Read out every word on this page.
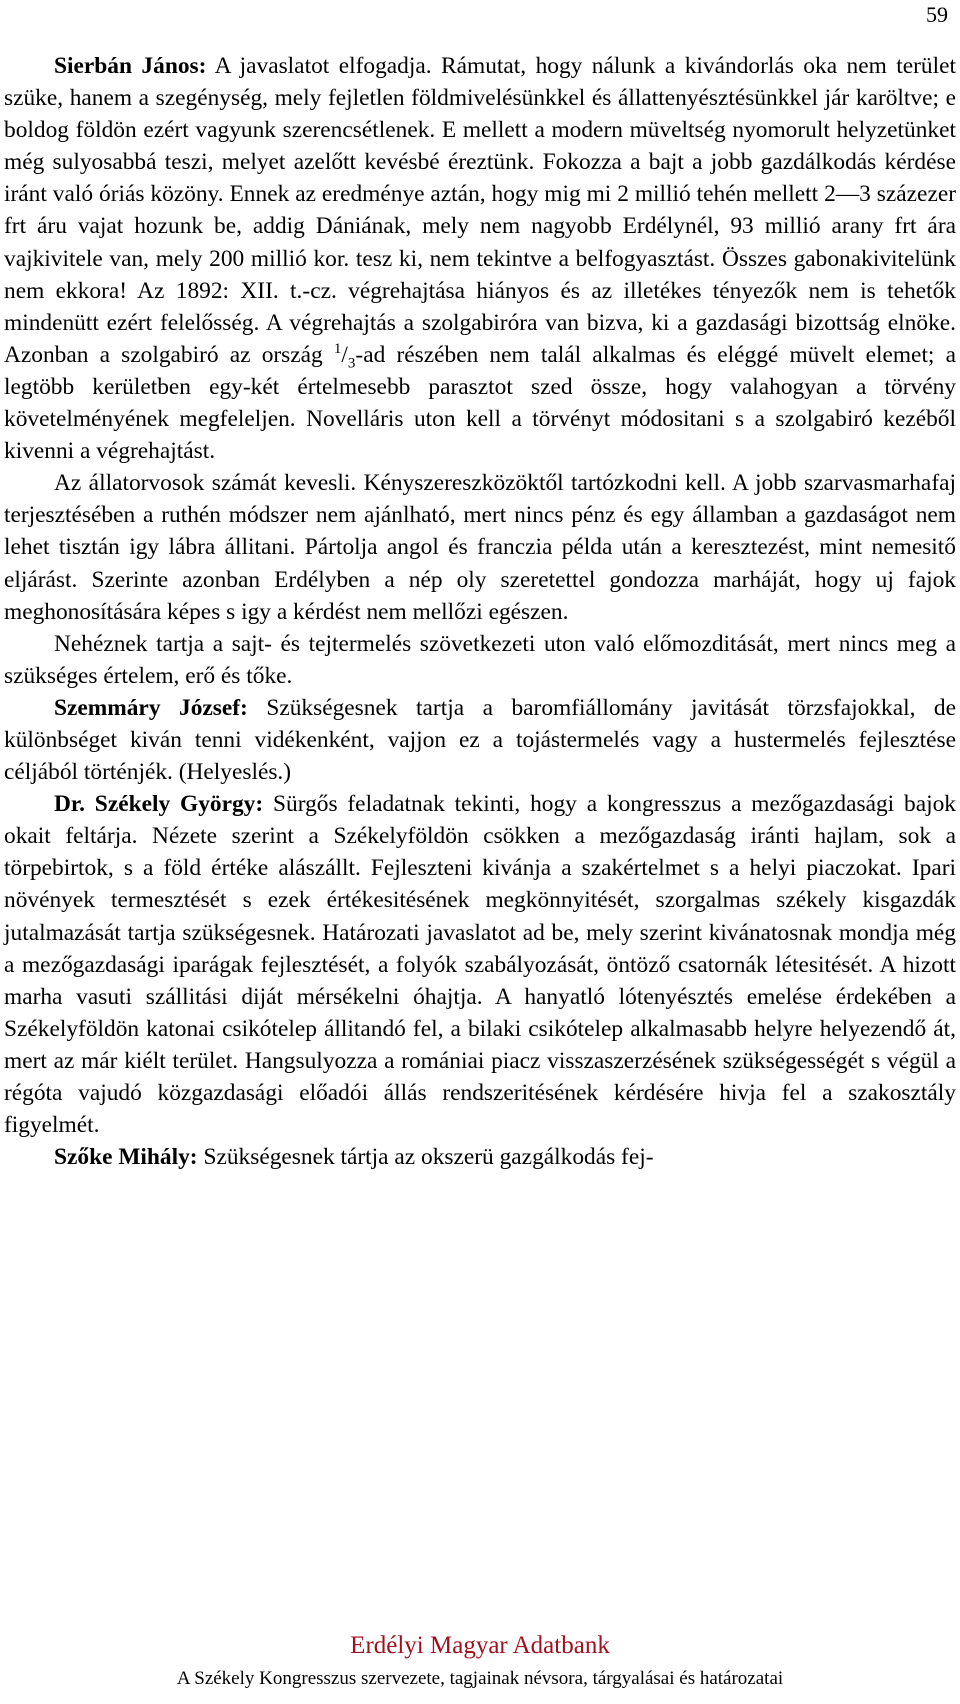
59

Sierbán János: A javaslatot elfogadja. Rámutat, hogy nálunk a kivándorlás oka nem terület szüke, hanem a szegénység, mely fejletlen földmivelésünkkel és állattenyésztésünkkel jár karöltve; e boldog földön ezért vagyunk szerencsétlenek. E mellett a modern müveltség nyomorult helyzetünket még sulyosabbá teszi, melyet azelőtt kevésbé éreztünk. Fokozza a bajt a jobb gazdálkodás kérdése iránt való óriás közöny. Ennek az eredménye aztán, hogy mig mi 2 millió tehén mellett 2—3 százezer frt áru vajat hozunk be, addig Dániának, mely nem nagyobb Erdélynél, 93 millió arany frt ára vajkivitele van, mely 200 millió kor. tesz ki, nem tekintve a belfogyasztást. Összes gabonakivitelünk nem ekkora! Az 1892: XII. t.-cz. végrehajtása hiányos és az illetékes tényezők nem is tehetők mindenütt ezért felelősség. A végrehajtás a szolgabiróra van bizva, ki a gazdasági bizottság elnöke. Azonban a szolgabiró az ország $^1/_3-ad$ részében nem talál alkalmas és eléggé müvelt elemet; a legtöbb kerületben egy-két értelmesebb parasztot szed össze, hogy valahogyan a törvény követelményének megfeleljen. Novelláris uton kell a törvényt módositani s a szolgabiró kezéből kivenni a végrehajtást.

Az állatorvosok számát kevesli. Kényszereszközöktől tartózkodni kell. A jobb szarvasmarhafaj terjesztésében a ruthén módszer nem ajánlható, mert nincs pénz és egy államban a gazdaságot nem lehet tisztán igy lábra állitani. Pártolja angol és franczia példa után a keresztezést, mint nemesitő eljárást. Szerinte azonban Erdélyben a nép oly szeretettel gondozza marháját, hogy uj fajok meghonosítására képes s igy a kérdést nem mellőzi egészen.

Nehéznek tartja a sajt- és tejtermelés szövetkezeti uton való előmozditását, mert nincs meg a szükséges értelem, erő és tőke.

Szemmáry József: Szükségesnek tartja a baromfiállomány javitását törzsfajokkal, de különbséget kiván tenni vidékenként, vajjon ez a tojástermelés vagy a hustermelés fejlesztése céljából történjék. (Helyeslés.)

Dr. Székely György: Sürgős feladatnak tekinti, hogy a kongresszus a mezőgazdasági bajok okait feltárja. Nézete szerint a Székelyföldön csökken a mezőgazdaság iránti hajlam, sok a törpebirtok, s a föld értéke alászállt. Fejleszteni kivánja a szakértelmet s a helyi piaczokat. Ipari növények termesztését s ezek értékesitésének megkönnyitését, szorgalmas székely kisgazdák jutalmazását tartja szükségesnek. Határozati javaslatot ad be, mely szerint kivánatosnak mondja még a mezőgazdasági iparágak fejlesztését, a folyók szabályozását, öntöző csatornák létesitését. A hizott marha vasuti szállitási diját mérsékelni óhajtja. A hanyatló lótenyésztés emelése érdekében a Székelyföldön katonai csikótelep állitandó fel, a bilaki csikótelep alkalmasabb helyre helyezendő át, mert az már kiélt terület. Hangsulyozza a romániai piacz visszaszerzésének szükségességét s végül a régóta vajudó közgazdasági előadói állás rendszeritésének kérdésére hivja fel a szakosztály figyelmét.

Szőke Mihály: Szükségesnek tártja az okszerü gazgálkodás fej-

Erdélyi Magyar Adatbank
A Székely Kongresszus szervezete, tagjainak névsora, tárgyalásai és határozatai
